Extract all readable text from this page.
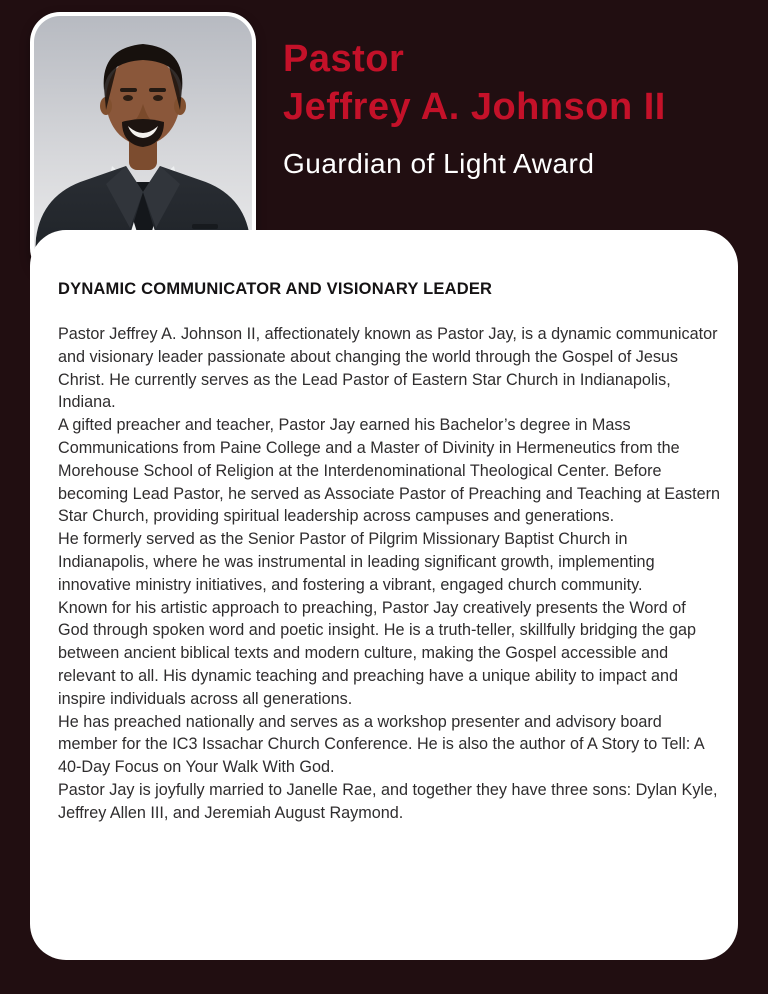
Pastor
Jeffrey A. Johnson II
Guardian of Light Award
DYNAMIC COMMUNICATOR AND VISIONARY LEADER

Pastor Jeffrey A. Johnson II, affectionately known as Pastor Jay, is a dynamic communicator and visionary leader passionate about changing the world through the Gospel of Jesus Christ. He currently serves as the Lead Pastor of Eastern Star Church in Indianapolis, Indiana.

A gifted preacher and teacher, Pastor Jay earned his Bachelor’s degree in Mass Communications from Paine College and a Master of Divinity in Hermeneutics from the Morehouse School of Religion at the Interdenominational Theological Center. Before becoming Lead Pastor, he served as Associate Pastor of Preaching and Teaching at Eastern Star Church, providing spiritual leadership across campuses and generations.

He formerly served as the Senior Pastor of Pilgrim Missionary Baptist Church in Indianapolis, where he was instrumental in leading significant growth, implementing innovative ministry initiatives, and fostering a vibrant, engaged church community.

Known for his artistic approach to preaching, Pastor Jay creatively presents the Word of God through spoken word and poetic insight. He is a truth-teller, skillfully bridging the gap between ancient biblical texts and modern culture, making the Gospel accessible and relevant to all. His dynamic teaching and preaching have a unique ability to impact and inspire individuals across all generations.

He has preached nationally and serves as a workshop presenter and advisory board member for the IC3 Issachar Church Conference. He is also the author of A Story to Tell: A 40-Day Focus on Your Walk With God.

Pastor Jay is joyfully married to Janelle Rae, and together they have three sons: Dylan Kyle, Jeffrey Allen III, and Jeremiah August Raymond.
